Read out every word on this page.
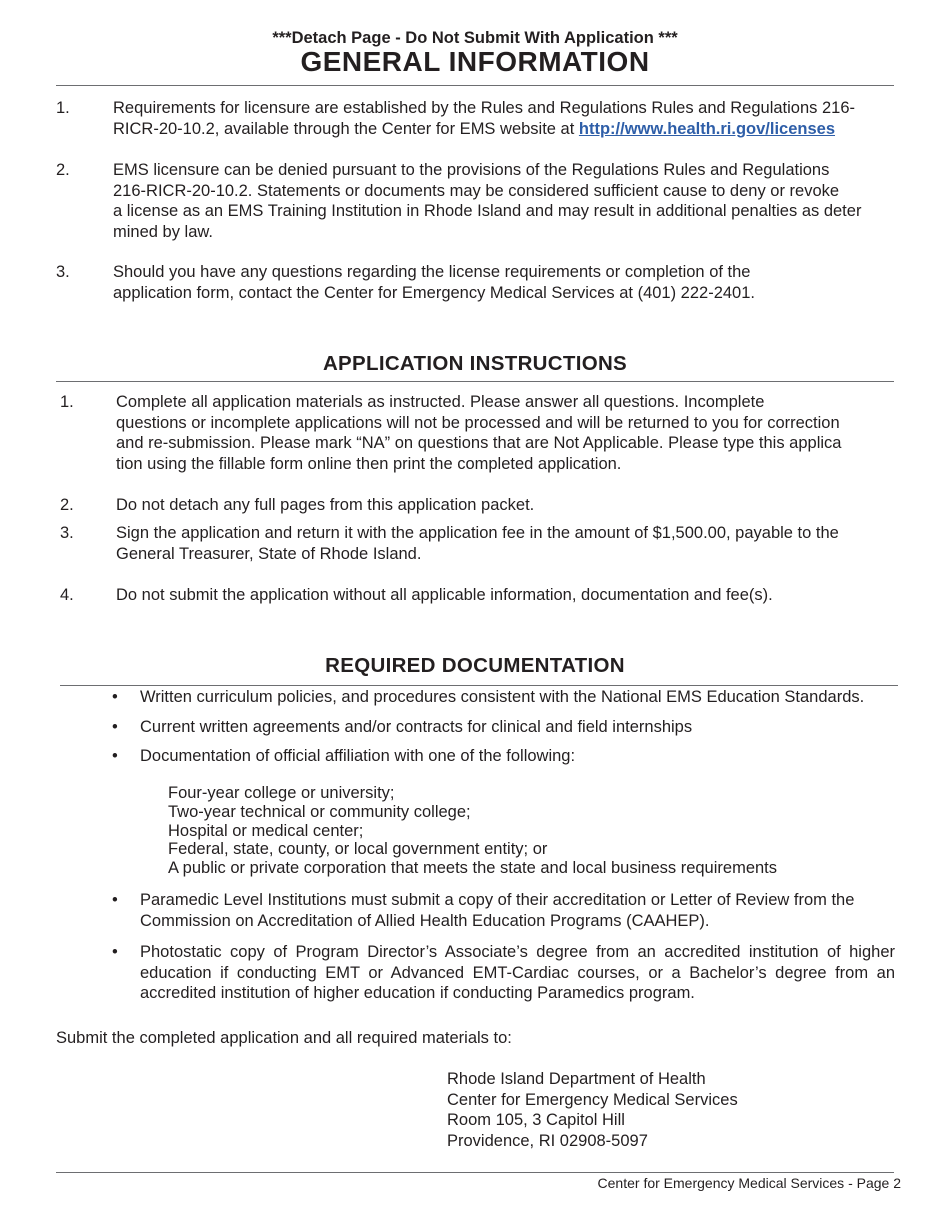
***Detach Page - Do Not Submit With Application ***
GENERAL INFORMATION
1.	Requirements for licensure are established by the Rules and Regulations Rules and Regulations 216-
RICR-20-10.2, available through the Center for EMS website at http://www.health.ri.gov/licenses
2.	EMS licensure can be denied pursuant to the provisions of the Regulations Rules and Regulations
216-RICR-20-10.2. Statements or documents may be considered sufficient cause to deny or revoke
a license as an EMS Training Institution in Rhode Island and may result in additional penalties as deter
mined by law.
3.	Should you have any questions regarding the license requirements or completion of the
application form, contact the Center for Emergency Medical Services at (401) 222-2401.
APPLICATION INSTRUCTIONS
1.	Complete all application materials as instructed. Please answer all questions. Incomplete
questions or incomplete applications will not be processed and will be returned to you for correction
and re-submission. Please mark “NA” on questions that are Not Applicable. Please type this applica
tion using the fillable form online then print the completed application.
2.	Do not detach any full pages from this application packet.
3.	Sign the application and return it with the application fee in the amount of $1,500.00, payable to the
General Treasurer, State of Rhode Island.
4.	Do not submit the application without all applicable information, documentation and fee(s).
REQUIRED DOCUMENTATION
• Written curriculum policies, and procedures consistent with the National EMS Education Standards.
• Current written agreements and/or contracts for clinical and field internships
• Documentation of official affiliation with one of the following:
Four-year college or university;
Two-year technical or community college;
Hospital or medical center;
Federal, state, county, or local government entity; or
A public or private corporation that meets the state and local business requirements
• Paramedic Level Institutions must submit a copy of their accreditation or Letter of Review from the Commission on Accreditation of Allied Health Education Programs (CAAHEP).
• Photostatic copy of Program Director’s Associate’s degree from an accredited institution of higher education if conducting EMT or Advanced EMT-Cardiac courses, or a Bachelor’s degree from an accredited institution of higher education if conducting Paramedics program.
Submit the completed application and all required materials to:
Rhode Island Department of Health
Center for Emergency Medical Services
Room 105, 3 Capitol Hill
Providence, RI 02908-5097
Center for Emergency Medical Services - Page 2
